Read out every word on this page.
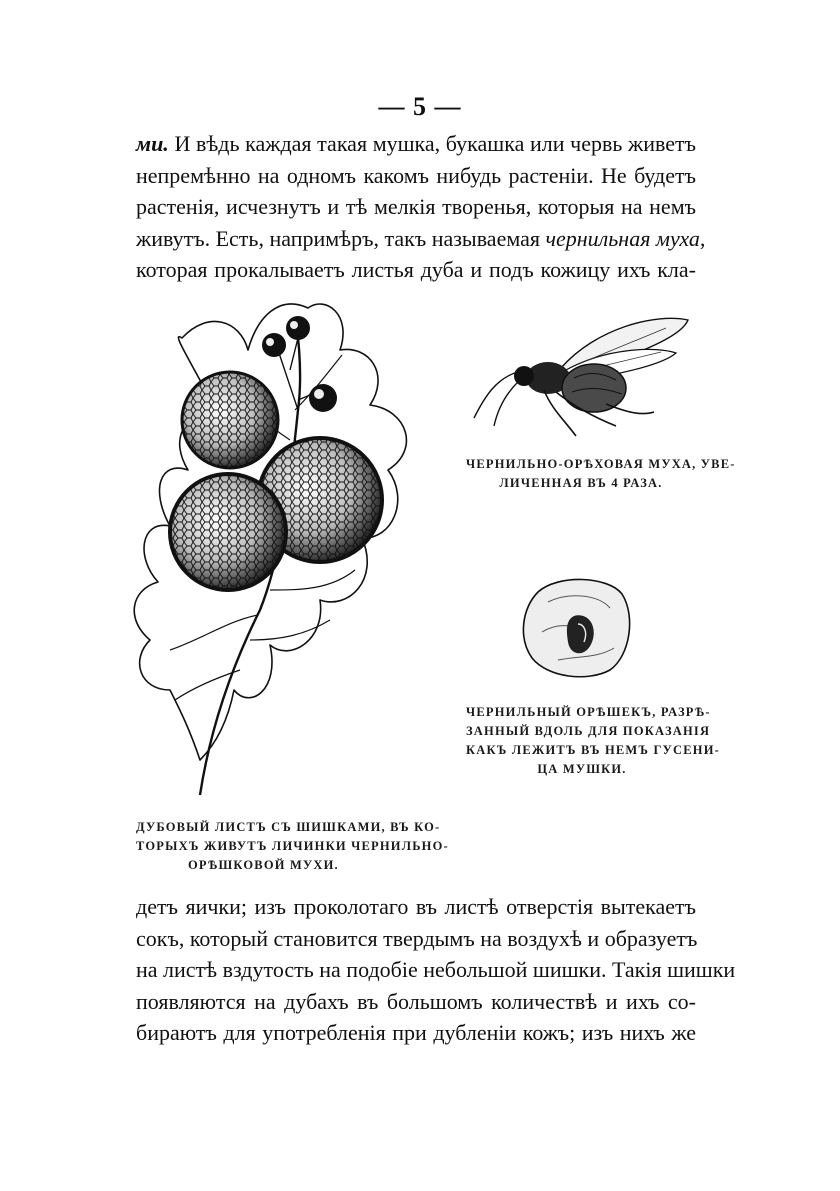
— 5 —
ми. И вѣдь каждая такая мушка, букашка или червь живетъ
непремѣнно на одномъ какомъ нибудь растеніи. Не будетъ
растенія, исчезнутъ и тѣ мелкія творенья, которыя на немъ
живутъ. Есть, напримѣръ, такъ называемая чернильная муха,
которая прокалываетъ листья дуба и подъ кожицу ихъ кла-
ЧЕРНИЛЬНО-ОРѢХОВАЯ МУХА, УВЕ-
ЛИЧЕННАЯ ВЪ 4 РАЗА.
ЧЕРНИЛЬНЫЙ ОРѢШЕКЪ, РАЗРѢ-
ЗАННЫЙ ВДОЛЬ ДЛЯ ПОКАЗАНІЯ
КАКЪ ЛЕЖИТЪ ВЪ НЕМЪ ГУСЕНИ-
ЦА МУШКИ.
ДУБОВЫЙ ЛИСТЪ СЪ ШИШКАМИ, ВЪ КО-
ТОРЫХЪ ЖИВУТЪ ЛИЧИНКИ ЧЕРНИЛЬНО-
ОРѢШКОВОЙ МУХИ.
детъ яички; изъ проколотаго въ листѣ отверстія вытекаетъ
сокъ, который становится твердымъ на воздухѣ и образуетъ
на листѣ вздутость на подобіе небольшой шишки. Такія шишки
появляются на дубахъ въ большомъ количествѣ и ихъ со-
бираютъ для употребленія при дубленіи кожъ; изъ нихъ же
